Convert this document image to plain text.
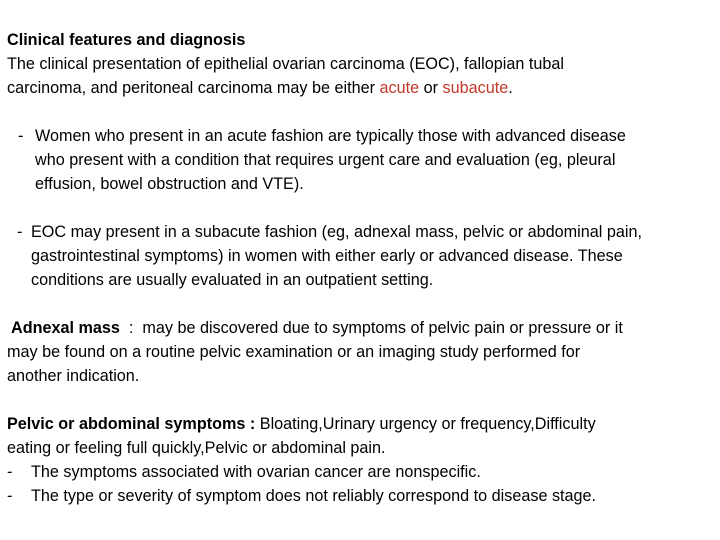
Clinical features and diagnosis
The clinical presentation of epithelial ovarian carcinoma (EOC), fallopian tubal
carcinoma, and peritoneal carcinoma may be either acute or subacute.
- Women who present in an acute fashion are typically those with advanced disease
who present with a condition that requires urgent care and evaluation (eg, pleural
effusion, bowel obstruction and VTE).
- EOC may present in a subacute fashion (eg, adnexal mass, pelvic or abdominal pain,
gastrointestinal symptoms) in women with either early or advanced disease. These
conditions are usually evaluated in an outpatient setting.
Adnexal mass  :  may be discovered due to symptoms of pelvic pain or pressure or it
may be found on a routine pelvic examination or an imaging study performed for
another indication.
Pelvic or abdominal symptoms : Bloating,Urinary urgency or frequency,Difficulty
eating or feeling full quickly,Pelvic or abdominal pain.
- The symptoms associated with ovarian cancer are nonspecific.
- The type or severity of symptom does not reliably correspond to disease stage.
